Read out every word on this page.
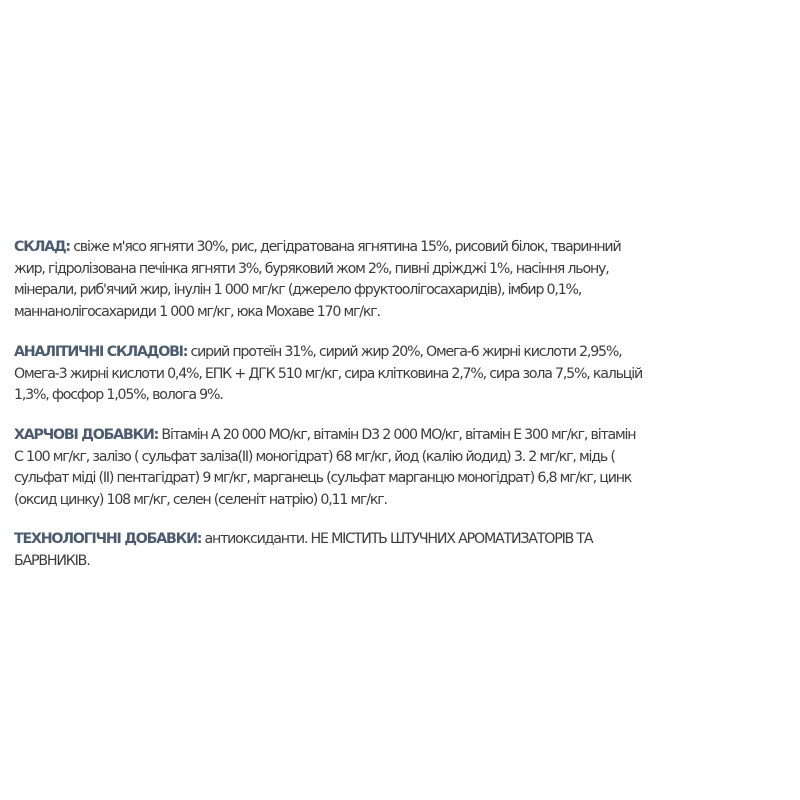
СКЛАД: свіже м'ясо ягняти 30%, рис, дегідратована ягнятина 15%, рисовий білок, тваринний
жир, гідролізована печінка ягняти 3%, буряковий жом 2%, пивні дріжджі 1%, насіння льону,
мінерали, риб'ячий жир, інулін 1 000 мг/кг (джерело фруктоолігосахаридів), імбир 0,1%,
маннанолігосахариди 1 000 мг/кг, юка Мохаве 170 мг/кг.
АНАЛІТИЧНІ СКЛАДОВІ: сирий протеїн 31%, сирий жир 20%, Омега-6 жирні кислоти 2,95%,
Омега-3 жирні кислоти 0,4%, ЕПК + ДГК 510 мг/кг, сира клітковина 2,7%, сира зола 7,5%, кальцій
1,3%, фосфор 1,05%, волога 9%.
ХАРЧОВІ ДОБАВКИ: Вітамін А 20 000 МО/кг, вітамін D3 2 000 МО/кг, вітамін Е 300 мг/кг, вітамін
С 100 мг/кг, залізо ( сульфат заліза(ІІ) моногідрат) 68 мг/кг, йод (калію йодид) 3. 2 мг/кг, мідь (
сульфат міді (II) пентагідрат) 9 мг/кг, марганець (сульфат марганцю моногідрат) 6,8 мг/кг, цинк
(оксид цинку) 108 мг/кг, селен (селеніт натрію) 0,11 мг/кг.
ТЕХНОЛОГІЧНІ ДОБАВКИ: антиоксиданти. НЕ МІСТИТЬ ШТУЧНИХ АРОМАТИЗАТОРІВ ТА
БАРВНИКІВ.
